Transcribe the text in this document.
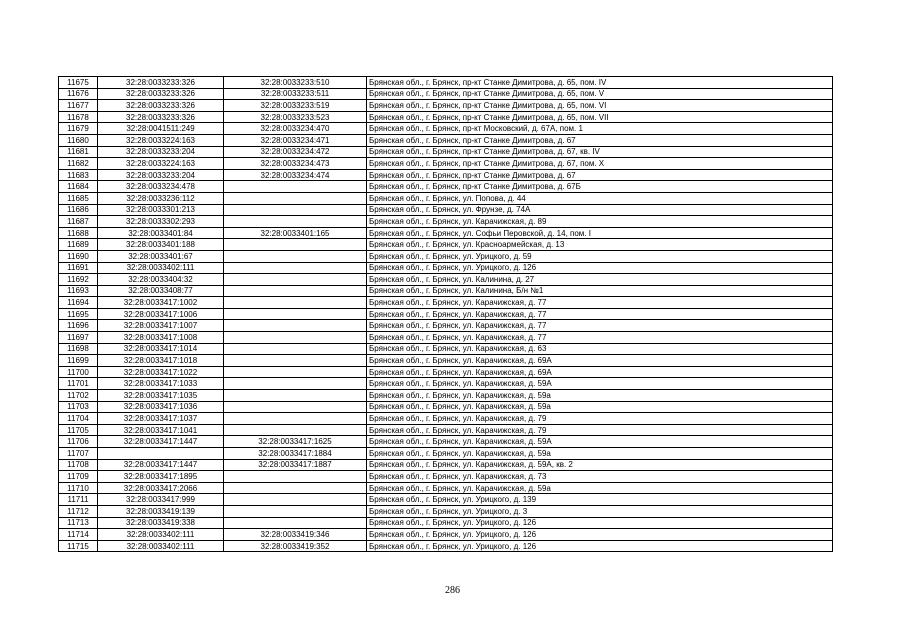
11675	32:28:0033233:326	32:28:0033233:510	Брянская обл., г. Брянск, пр-кт Станке Димитрова, д. 65, пом. IV
11676	32:28:0033233:326	32:28:0033233:511	Брянская обл., г. Брянск, пр-кт Станке Димитрова, д. 65, пом. V
11677	32:28:0033233:326	32:28:0033233:519	Брянская обл., г. Брянск, пр-кт Станке Димитрова, д. 65, пом. VI
11678	32:28:0033233:326	32:28:0033233:523	Брянская обл., г. Брянск, пр-кт Станке Димитрова, д. 65, пом. VII
11679	32:28:0041511:249	32:28:0033234:470	Брянская обл., г. Брянск, пр-кт Московский, д. 67А, пом. 1
11680	32:28:0033224:163	32:28:0033234:471	Брянская обл., г. Брянск, пр-кт Станке Димитрова, д. 67
11681	32:28:0033233:204	32:28:0033234:472	Брянская обл., г. Брянск, пр-кт Станке Димитрова, д. 67, кв. IV
11682	32:28:0033224:163	32:28:0033234:473	Брянская обл., г. Брянск, пр-кт Станке Димитрова, д. 67, пом. Х
11683	32:28:0033233:204	32:28:0033234:474	Брянская обл., г. Брянск, пр-кт Станке Димитрова, д. 67
11684	32:28:0033234:478		Брянская обл., г. Брянск, пр-кт Станке Димитрова, д. 67Б
11685	32:28:0033236:112		Брянская обл., г. Брянск, ул. Попова, д. 44
11686	32:28:0033301:213		Брянская обл., г. Брянск, ул. Фрунзе, д. 74А
11687	32:28:0033302:293		Брянская обл., г. Брянск, ул. Карачижская, д. 89
11688	32:28:0033401:84	32:28:0033401:165	Брянская обл., г. Брянск, ул. Софьи Перовской, д. 14, пом. I
11689	32:28:0033401:188		Брянская обл., г. Брянск, ул. Красноармейская, д. 13
11690	32:28:0033401:67		Брянская обл., г. Брянск, ул. Урицкого, д. 59
11691	32:28:0033402:111		Брянская обл., г. Брянск, ул. Урицкого, д. 126
11692	32:28:0033404:32		Брянская обл., г. Брянск, ул. Калинина, д. 27
11693	32:28:0033408:77		Брянская обл., г. Брянск, ул. Калинина, Б/н №1
11694	32:28:0033417:1002		Брянская обл., г. Брянск, ул. Карачижская, д. 77
11695	32:28:0033417:1006		Брянская обл., г. Брянск, ул. Карачижская, д. 77
11696	32:28:0033417:1007		Брянская обл., г. Брянск, ул. Карачижская, д. 77
11697	32:28:0033417:1008		Брянская обл., г. Брянск, ул. Карачижская, д. 77
11698	32:28:0033417:1014		Брянская обл., г. Брянск, ул. Карачижская, д. 63
11699	32:28:0033417:1018		Брянская обл., г. Брянск, ул. Карачижская, д. 69А
11700	32:28:0033417:1022		Брянская обл., г. Брянск, ул. Карачижская, д. 69А
11701	32:28:0033417:1033		Брянская обл., г. Брянск, ул. Карачижская, д. 59А
11702	32:28:0033417:1035		Брянская обл., г. Брянск, ул. Карачижская, д. 59а
11703	32:28:0033417:1036		Брянская обл., г. Брянск, ул. Карачижская, д. 59а
11704	32:28:0033417:1037		Брянская обл., г. Брянск, ул. Карачижская, д. 79
11705	32:28:0033417:1041		Брянская обл., г. Брянск, ул. Карачижская, д. 79
11706	32:28:0033417:1447	32:28:0033417:1625	Брянская обл., г. Брянск, ул. Карачижская, д. 59А
11707		32:28:0033417:1884	Брянская обл., г. Брянск, ул. Карачижская, д. 59а
11708	32:28:0033417:1447	32:28:0033417:1887	Брянская обл., г. Брянск, ул. Карачижская, д. 59А, кв. 2
11709	32:28:0033417:1895		Брянская обл., г. Брянск, ул. Карачижская, д. 73
11710	32:28:0033417:2066		Брянская обл., г. Брянск, ул. Карачижская, д. 59а
11711	32:28:0033417:999		Брянская обл., г. Брянск, ул. Урицкого, д. 139
11712	32:28:0033419:139		Брянская обл., г. Брянск, ул. Урицкого, д. 3
11713	32:28:0033419:338		Брянская обл., г. Брянск, ул. Урицкого, д. 126
11714	32:28:0033402:111	32:28:0033419:346	Брянская обл., г. Брянск, ул. Урицкого, д. 126
11715	32:28:0033402:111	32:28:0033419:352	Брянская обл., г. Брянск, ул. Урицкого, д. 126
286
